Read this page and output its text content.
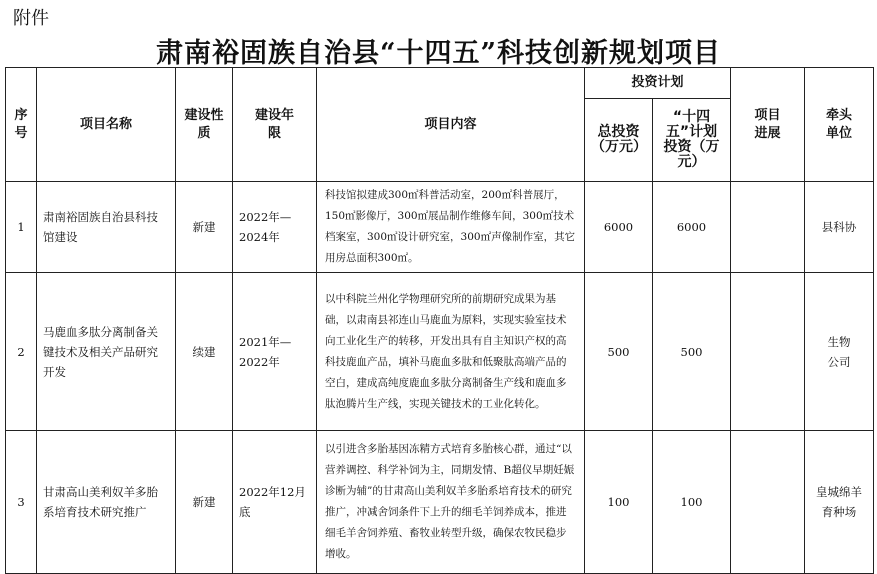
附件
肃南裕固族自治县“十四五”科技创新规划项目
序号	项目名称	建设性质	建设年限	项目内容	投资计划		项目进展	牵头单位
					总投资（万元）	“十四五”计划投资（万元）		
1	肃南裕固族自治县科技馆建设	新建	2022年—2024年	科技馆拟建成300㎡科普活动室，200㎡科普展厅，150㎡影像厅，300㎡展品制作维修车间，300㎡技术档案室，300㎡设计研究室，300㎡声像制作室，其它用房总面积300㎡。	6000	6000		县科协
2	马鹿血多肽分离制备关键技术及相关产品研究开发	续建	2021年—2022年	以中科院兰州化学物理研究所的前期研究成果为基础，以肃南县祁连山马鹿血为原料，实现实验室技术向工业化生产的转移，开发出具有自主知识产权的高科技鹿血产品，填补马鹿血多肽和低聚肽高端产品的空白，建成高纯度鹿血多肽分离制备生产线和鹿血多肽泡腾片生产线，实现关键技术的工业化转化。	500	500		生物公司
3	甘肃高山美利奴羊多胎系培育技术研究推广	新建	2022年12月底	以引进含多胎基因冻精方式培育多胎核心群，通过“以营养调控、科学补饲为主，同期发情、B超仪早期妊娠诊断为辅”的甘肃高山美利奴羊多胎系培育技术的研究推广，冲减舍饲条件下上升的细毛羊饲养成本，推进细毛羊舍饲养殖、畜牧业转型升级，确保农牧民稳步增收。	100	100		皇城绵羊育种场
